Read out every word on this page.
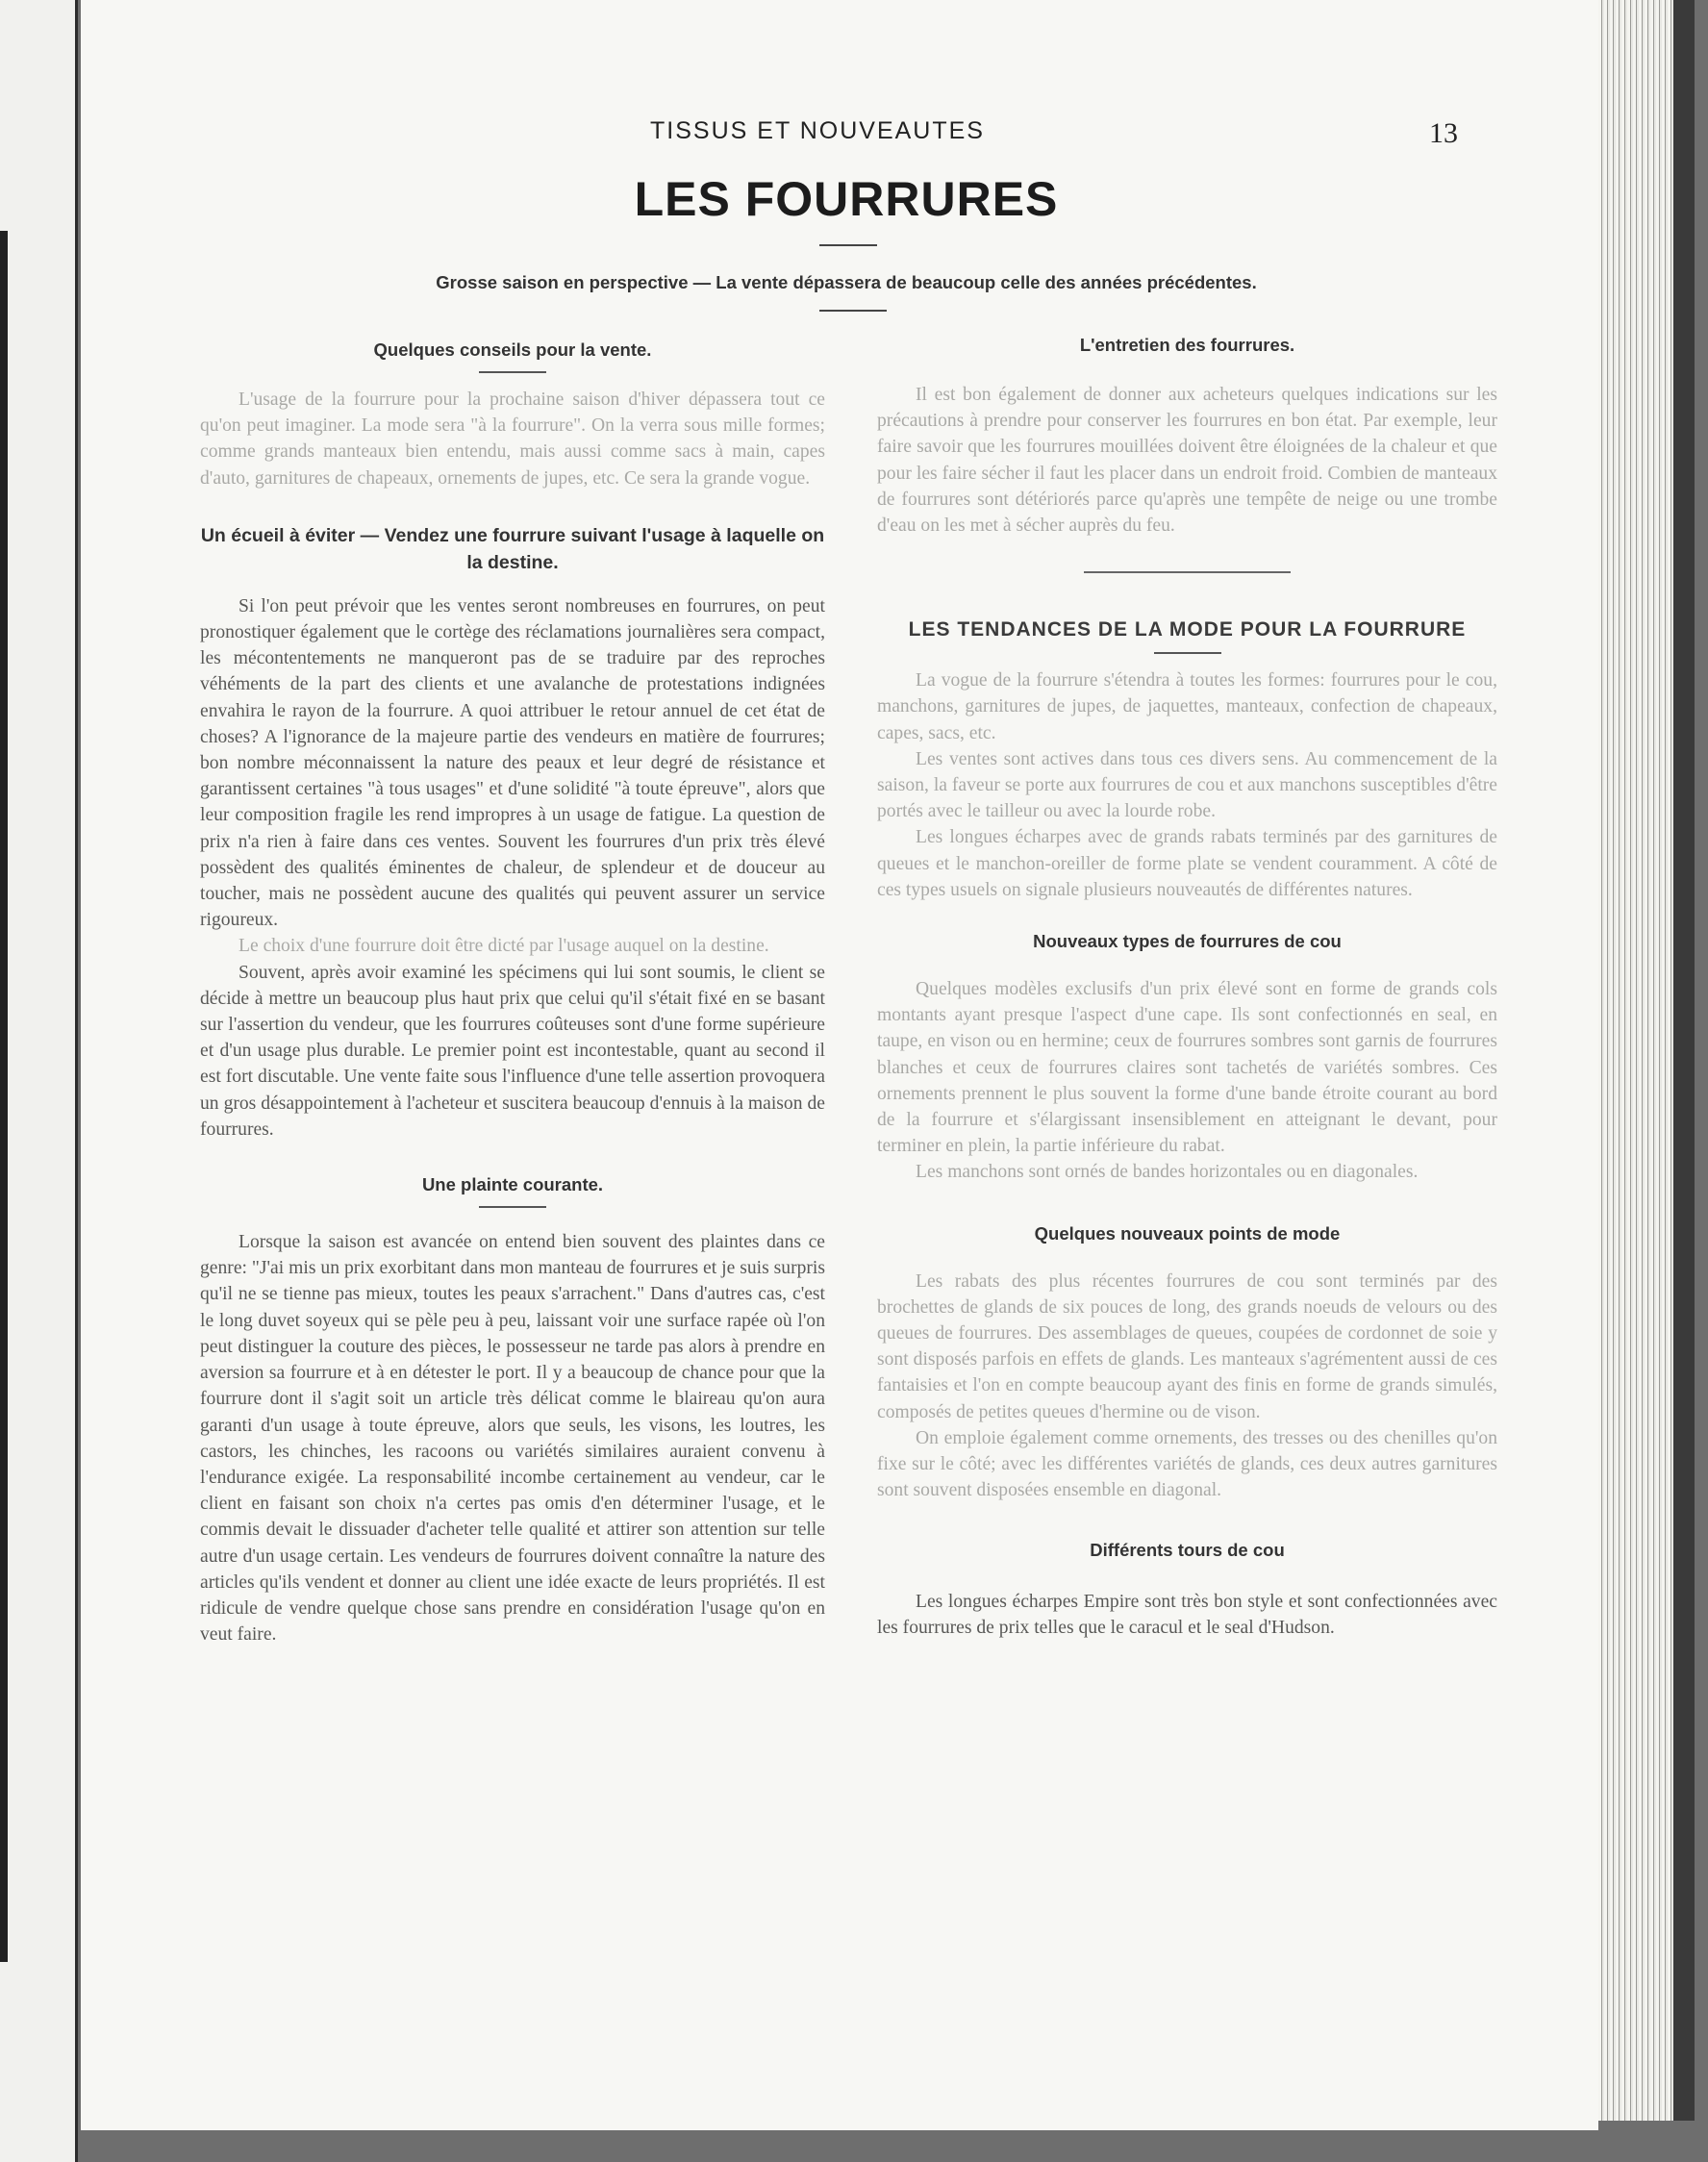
TISSUS ET NOUVEAUTES	13
LES FOURRURES
Grosse saison en perspective — La vente dépassera de beaucoup celle des années précédentes.
Quelques conseils pour la vente.

L'usage de la fourrure pour la prochaine saison d'hiver dépassera tout ce qu'on peut imaginer. La mode sera "à la fourrure". On la verra sous mille formes; comme grands manteaux bien entendu, mais aussi comme sacs à main, capes d'auto, garnitures de chapeaux, ornements de jupes, etc. Ce sera la grande vogue.

Un écueil à éviter — Vendez une fourrure suivant l'usage à laquelle on la destine.

Si l'on peut prévoir que les ventes seront nombreuses en fourrures, on peut pronostiquer également que le cortège des réclamations journalières sera compact, les mécontentements ne manqueront pas de se traduire par des reproches véhéments de la part des clients et une avalanche de protestations indignées envahira le rayon de la fourrure. A quoi attribuer le retour annuel de cet état de choses? A l'ignorance de la majeure partie des vendeurs en matière de fourrures; bon nombre méconnaissent la nature des peaux et leur degré de résistance et garantissent certaines "à tous usages" et d'une solidité "à toute épreuve", alors que leur composition fragile les rend impropres à un usage de fatigue. La question de prix n'a rien à faire dans ces ventes. Souvent les fourrures d'un prix très élevé possèdent des qualités éminentes de chaleur, de splendeur et de douceur au toucher, mais ne possèdent aucune des qualités qui peuvent assurer un service rigoureux.

Le choix d'une fourrure doit être dicté par l'usage auquel on la destine.

Souvent, après avoir examiné les spécimens qui lui sont soumis, le client se décide à mettre un beaucoup plus haut prix que celui qu'il s'était fixé en se basant sur l'assertion du vendeur, que les fourrures coûteuses sont d'une forme supérieure et d'un usage plus durable. Le premier point est incontestable, quant au second il est fort discutable. Une vente faite sous l'influence d'une telle assertion provoquera un gros désappointement à l'acheteur et suscitera beaucoup d'ennuis à la maison de fourrures.

Une plainte courante.

Lorsque la saison est avancée on entend bien souvent des plaintes dans ce genre: "J'ai mis un prix exorbitant dans mon manteau de fourrures et je suis surpris qu'il ne se tienne pas mieux, toutes les peaux s'arrachent." Dans d'autres cas, c'est le long duvet soyeux qui se pèle peu à peu, laissant voir une surface rapée où l'on peut distinguer la couture des pièces, le possesseur ne tarde pas alors à prendre en aversion sa fourrure et à en détester le port. Il y a beaucoup de chance pour que la fourrure dont il s'agit soit un article très délicat comme le blaireau qu'on aura garanti d'un usage à toute épreuve, alors que seuls, les visons, les loutres, les castors, les chinches, les racoons ou variétés similaires auraient convenu à l'endurance exigée. La responsabilité incombe certainement au vendeur, car le client en faisant son choix n'a certes pas omis d'en déterminer l'usage, et le commis devait le dissuader d'acheter telle qualité et attirer son attention sur telle autre d'un usage certain. Les vendeurs de fourrures doivent connaître la nature des articles qu'ils vendent et donner au client une idée exacte de leurs propriétés. Il est ridicule de vendre quelque chose sans prendre en considération l'usage qu'on en veut faire.

L'entretien des fourrures.

Il est bon également de donner aux acheteurs quelques indications sur les précautions à prendre pour conserver les fourrures en bon état. Par exemple, leur faire savoir que les fourrures mouillées doivent être éloignées de la chaleur et que pour les faire sécher il faut les placer dans un endroit froid. Combien de manteaux de fourrures sont détériorés parce qu'après une tempête de neige ou une trombe d'eau on les met à sécher auprès du feu.

LES TENDANCES DE LA MODE POUR LA FOURRURE

La vogue de la fourrure s'étendra à toutes les formes: fourrures pour le cou, manchons, garnitures de jupes, de jaquettes, manteaux, confection de chapeaux, capes, sacs, etc.

Les ventes sont actives dans tous ces divers sens. Au commencement de la saison, la faveur se porte aux fourrures de cou et aux manchons susceptibles d'être portés avec le tailleur ou avec la lourde robe.

Les longues écharpes avec de grands rabats terminés par des garnitures de queues et le manchon-oreiller de forme plate se vendent couramment. A côté de ces types usuels on signale plusieurs nouveautés de différentes natures.

Nouveaux types de fourrures de cou

Quelques modèles exclusifs d'un prix élevé sont en forme de grands cols montants ayant presque l'aspect d'une cape. Ils sont confectionnés en seal, en taupe, en vison ou en hermine; ceux de fourrures sombres sont garnis de fourrures blanches et ceux de fourrures claires sont tachetés de variétés sombres. Ces ornements prennent le plus souvent la forme d'une bande étroite courant au bord de la fourrure et s'élargissant insensiblement en atteignant le devant, pour terminer en plein, la partie inférieure du rabat.

Les manchons sont ornés de bandes horizontales ou en diagonales.

Quelques nouveaux points de mode

Les rabats des plus récentes fourrures de cou sont terminés par des brochettes de glands de six pouces de long, des grands noeuds de velours ou des queues de fourrures. Des assemblages de queues, coupées de cordonnet de soie y sont disposés parfois en effets de glands. Les manteaux s'agrémentent aussi de ces fantaisies et l'on en compte beaucoup ayant des finis en forme de grands simulés, composés de petites queues d'hermine ou de vison.

On emploie également comme ornements, des tresses ou des chenilles qu'on fixe sur le côté; avec les différentes variétés de glands, ces deux autres garnitures sont souvent disposées ensemble en diagonal.

Différents tours de cou

Les longues écharpes Empire sont très bon style et sont confectionnées avec les fourrures de prix telles que le caracul et le seal d'Hudson.
